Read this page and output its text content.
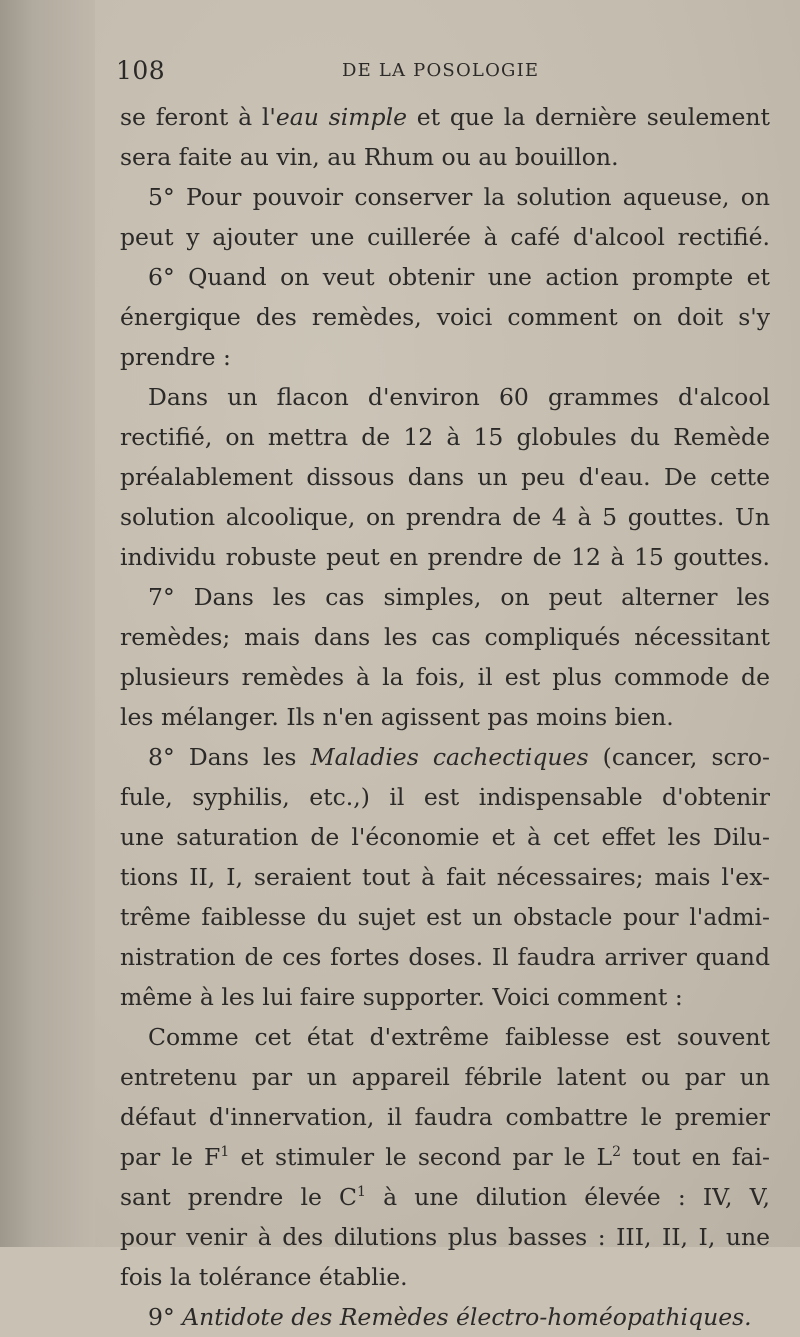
108	DE LA POSOLOGIE
se feront à l'eau simple et que la dernière seulement
sera faite au vin, au Rhum ou au bouillon.
5° Pour pouvoir conserver la solution aqueuse, on
peut y ajouter une cuillerée à café d'alcool rectifié.
6° Quand on veut obtenir une action prompte et
énergique des remèdes, voici comment on doit s'y
prendre :
Dans un flacon d'environ 60 grammes d'alcool
rectifié, on mettra de 12 à 15 globules du Remède
préalablement dissous dans un peu d'eau. De cette
solution alcoolique, on prendra de 4 à 5 gouttes. Un
individu robuste peut en prendre de 12 à 15 gouttes.
7° Dans les cas simples, on peut alterner les
remèdes; mais dans les cas compliqués nécessitant
plusieurs remèdes à la fois, il est plus commode de
les mélanger. Ils n'en agissent pas moins bien.
8° Dans les Maladies cachectiques (cancer, scro-
fule, syphilis, etc.,) il est indispensable d'obtenir
une saturation de l'économie et à cet effet les Dilu-
tions II, I, seraient tout à fait nécessaires; mais l'ex-
trême faiblesse du sujet est un obstacle pour l'admi-
nistration de ces fortes doses. Il faudra arriver quand
même à les lui faire supporter. Voici comment :
Comme cet état d'extrême faiblesse est souvent
entretenu par un appareil fébrile latent ou par un
défaut d'innervation, il faudra combattre le premier
par le $F^1$ et stimuler le second par le $L^2$ tout en fai-
sant prendre le $C^1$ à une dilution élevée : IV, V,
pour venir à des dilutions plus basses : III, II, I, une
fois la tolérance établie.
9° Antidote des Remèdes électro-homéopathiques.
